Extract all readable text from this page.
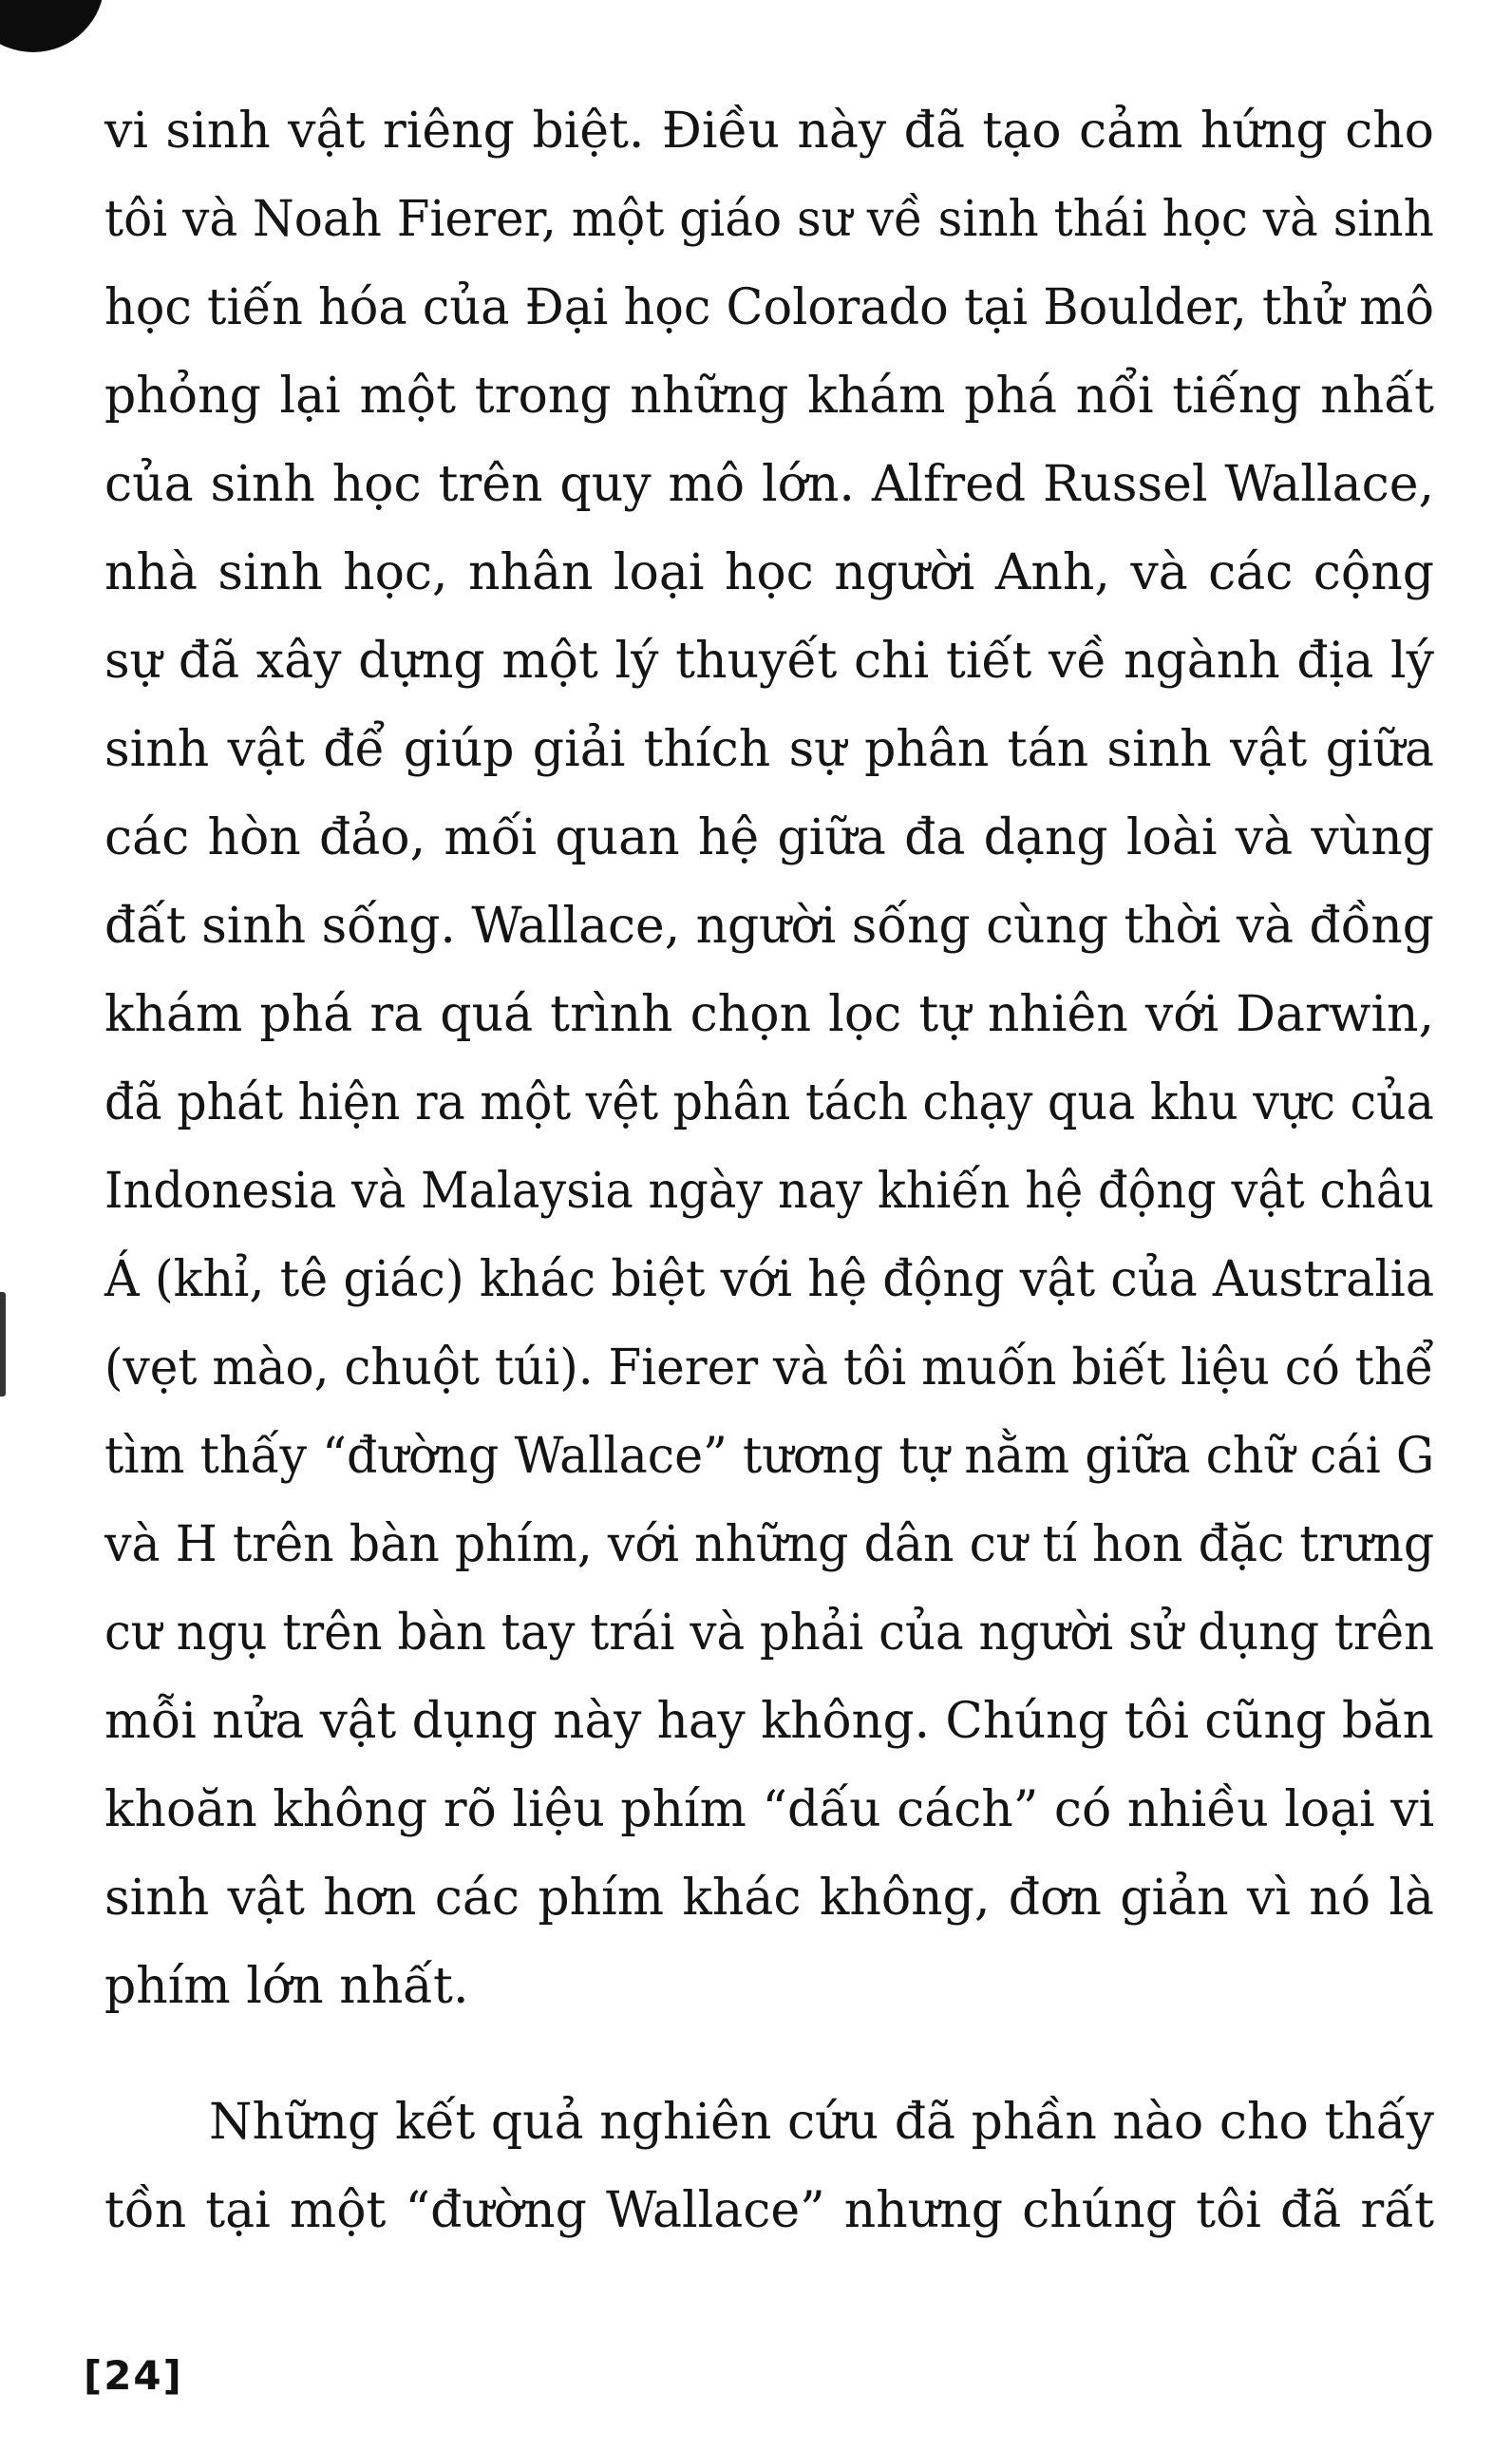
vi sinh vật riêng biệt. Điều này đã tạo cảm hứng cho
tôi và Noah Fierer, một giáo sư về sinh thái học và sinh
học tiến hóa của Đại học Colorado tại Boulder, thử mô
phỏng lại một trong những khám phá nổi tiếng nhất
của sinh học trên quy mô lớn. Alfred Russel Wallace,
nhà sinh học, nhân loại học người Anh, và các cộng
sự đã xây dựng một lý thuyết chi tiết về ngành địa lý
sinh vật để giúp giải thích sự phân tán sinh vật giữa
các hòn đảo, mối quan hệ giữa đa dạng loài và vùng
đất sinh sống. Wallace, người sống cùng thời và đồng
khám phá ra quá trình chọn lọc tự nhiên với Darwin,
đã phát hiện ra một vệt phân tách chạy qua khu vực của
Indonesia và Malaysia ngày nay khiến hệ động vật châu
Á (khỉ, tê giác) khác biệt với hệ động vật của Australia
(vẹt mào, chuột túi). Fierer và tôi muốn biết liệu có thể
tìm thấy “đường Wallace” tương tự nằm giữa chữ cái G
và H trên bàn phím, với những dân cư tí hon đặc trưng
cư ngụ trên bàn tay trái và phải của người sử dụng trên
mỗi nửa vật dụng này hay không. Chúng tôi cũng băn
khoăn không rõ liệu phím “dấu cách” có nhiều loại vi
sinh vật hơn các phím khác không, đơn giản vì nó là
phím lớn nhất.
Những kết quả nghiên cứu đã phần nào cho thấy
tồn tại một “đường Wallace” nhưng chúng tôi đã rất
[24]
